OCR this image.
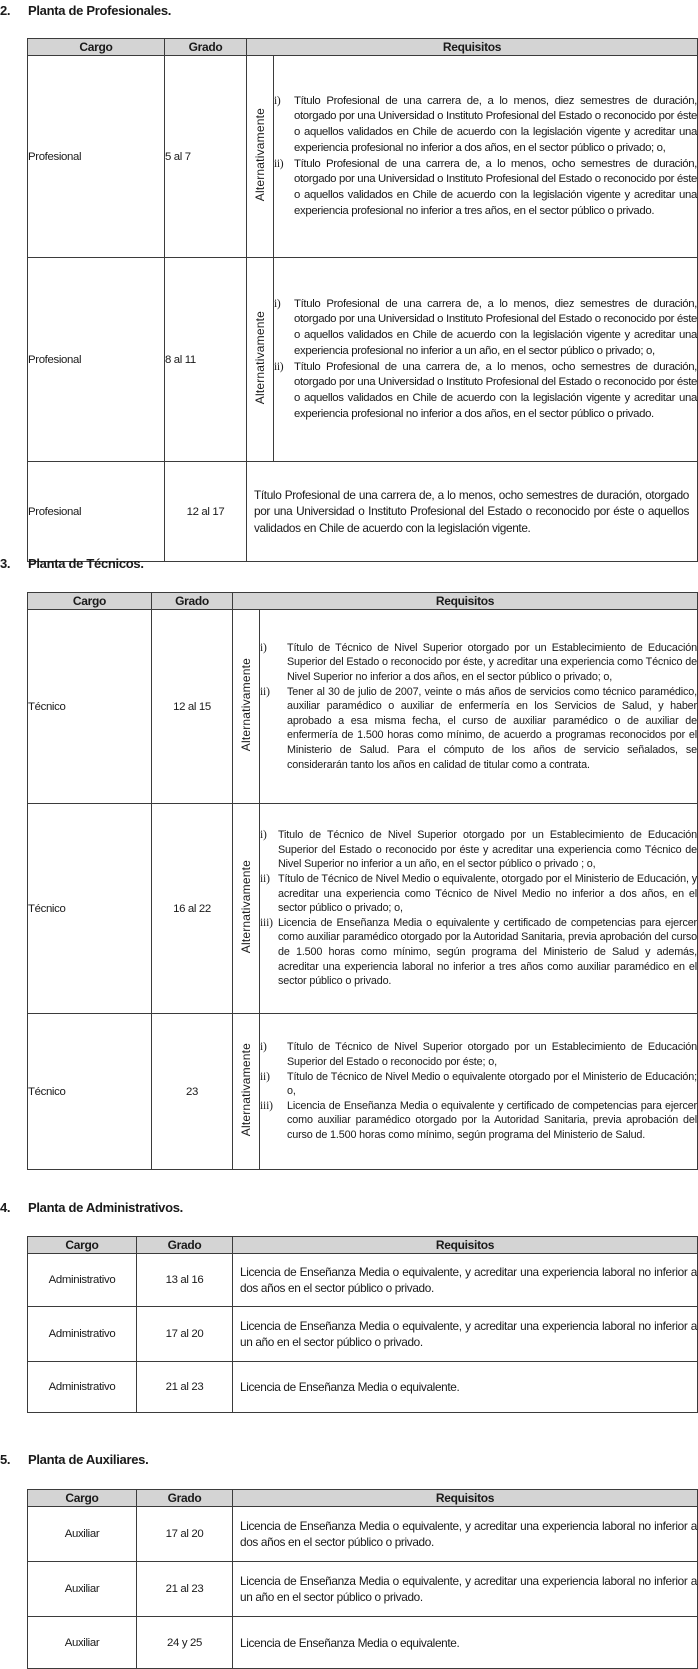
2. Planta de Profesionales.
Cargo	Grado	Requisitos	
Profesional	5 al 7	Alternativamente	
i) Título Profesional de una carrera de, a lo menos, diez semestres de duración, otorgado por una Universidad o Instituto Profesional del Estado o reconocido por éste o aquellos validados en Chile de acuerdo con la legislación vigente y acreditar una experiencia profesional no inferior a dos años, en el sector público o privado; o,
ii) Título Profesional de una carrera de, a lo menos, ocho semestres de duración, otorgado por una Universidad o Instituto Profesional del Estado o reconocido por éste o aquellos validados en Chile de acuerdo con la legislación vigente y acreditar una experiencia profesional no inferior a tres años, en el sector público o privado.

Profesional	8 al 11	Alternativamente	
i) Título Profesional de una carrera de, a lo menos, diez semestres de duración, otorgado por una Universidad o Instituto Profesional del Estado o reconocido por éste o aquellos validados en Chile de acuerdo con la legislación vigente y acreditar una experiencia profesional no inferior a un año, en el sector público o privado; o,
ii) Título Profesional de una carrera de, a lo menos, ocho semestres de duración, otorgado por una Universidad o Instituto Profesional del Estado o reconocido por éste o aquellos validados en Chile de acuerdo con la legislación vigente y acreditar una experiencia profesional no inferior a dos años, en el sector público o privado.

Profesional	12 al 17	Título Profesional de una carrera de, a lo menos, ocho semestres de duración, otorgado por una Universidad o Instituto Profesional del Estado o reconocido por éste o aquellos validados en Chile de acuerdo con la legislación vigente.	
3. Planta de Técnicos.
Cargo	Grado	Requisitos	
Técnico	12 al 15	Alternativamente	
i) Título de Técnico de Nivel Superior otorgado por un Establecimiento de Educación Superior del Estado o reconocido por éste, y acreditar una experiencia como Técnico de Nivel Superior no inferior a dos años, en el sector público o privado; o,
ii) Tener al 30 de julio de 2007, veinte o más años de servicios como técnico paramédico, auxiliar paramédico o auxiliar de enfermería en los Servicios de Salud, y haber aprobado a esa misma fecha, el curso de auxiliar paramédico o de auxiliar de enfermería de 1.500 horas como mínimo, de acuerdo a programas reconocidos por el Ministerio de Salud. Para el cómputo de los años de servicio señalados, se considerarán tanto los años en calidad de titular como a contrata.

Técnico	16 al 22	Alternativamente	
i) Titulo de Técnico de Nivel Superior otorgado por un Establecimiento de Educación Superior del Estado o reconocido por éste y acreditar una experiencia como Técnico de Nivel Superior no inferior a un año, en el sector público o privado ; o,
ii) Título de Técnico de Nivel Medio o equivalente, otorgado por el Ministerio de Educación, y acreditar una experiencia como Técnico de Nivel Medio no inferior a dos años, en el sector público o privado; o,
iii) Licencia de Enseñanza Media o equivalente y certificado de competencias para ejercer como auxiliar paramédico otorgado por la Autoridad Sanitaria, previa aprobación del curso de 1.500 horas como mínimo, según programa del Ministerio de Salud y además, acreditar una experiencia laboral no inferior a tres años como auxiliar paramédico en el sector público o privado.

Técnico	23	Alternativamente	i) Título de Técnico de Nivel Superior otorgado por un Establecimiento de Educación Superior del Estado o reconocido por éste; o,
ii) Título de Técnico de Nivel Medio o equivalente otorgado por el Ministerio de Educación; o,
iii) Licencia de Enseñanza Media o equivalente y certificado de competencias para ejercer como auxiliar paramédico otorgado por la Autoridad Sanitaria, previa aprobación del curso de 1.500 horas como mínimo, según programa del Ministerio de Salud.
4. Planta de Administrativos.
Cargo	Grado	Requisitos
Administrativo	13 al 16	Licencia de Enseñanza Media o equivalente, y acreditar una experiencia laboral no inferior a dos años en el sector público o privado.
Administrativo	17 al 20	Licencia de Enseñanza Media o equivalente, y acreditar una experiencia laboral no inferior a un año en el sector público o privado.
Administrativo	21 al 23	Licencia de Enseñanza Media o equivalente.
5. Planta de Auxiliares.
Cargo	Grado	Requisitos
Auxiliar	17 al 20	Licencia de Enseñanza Media o equivalente, y acreditar una experiencia laboral no inferior a dos años en el sector público o privado.
Auxiliar	21 al 23	Licencia de Enseñanza Media o equivalente, y acreditar una experiencia laboral no inferior a un año en el sector público o privado.
Auxiliar	24 y 25	Licencia de Enseñanza Media o equivalente.
